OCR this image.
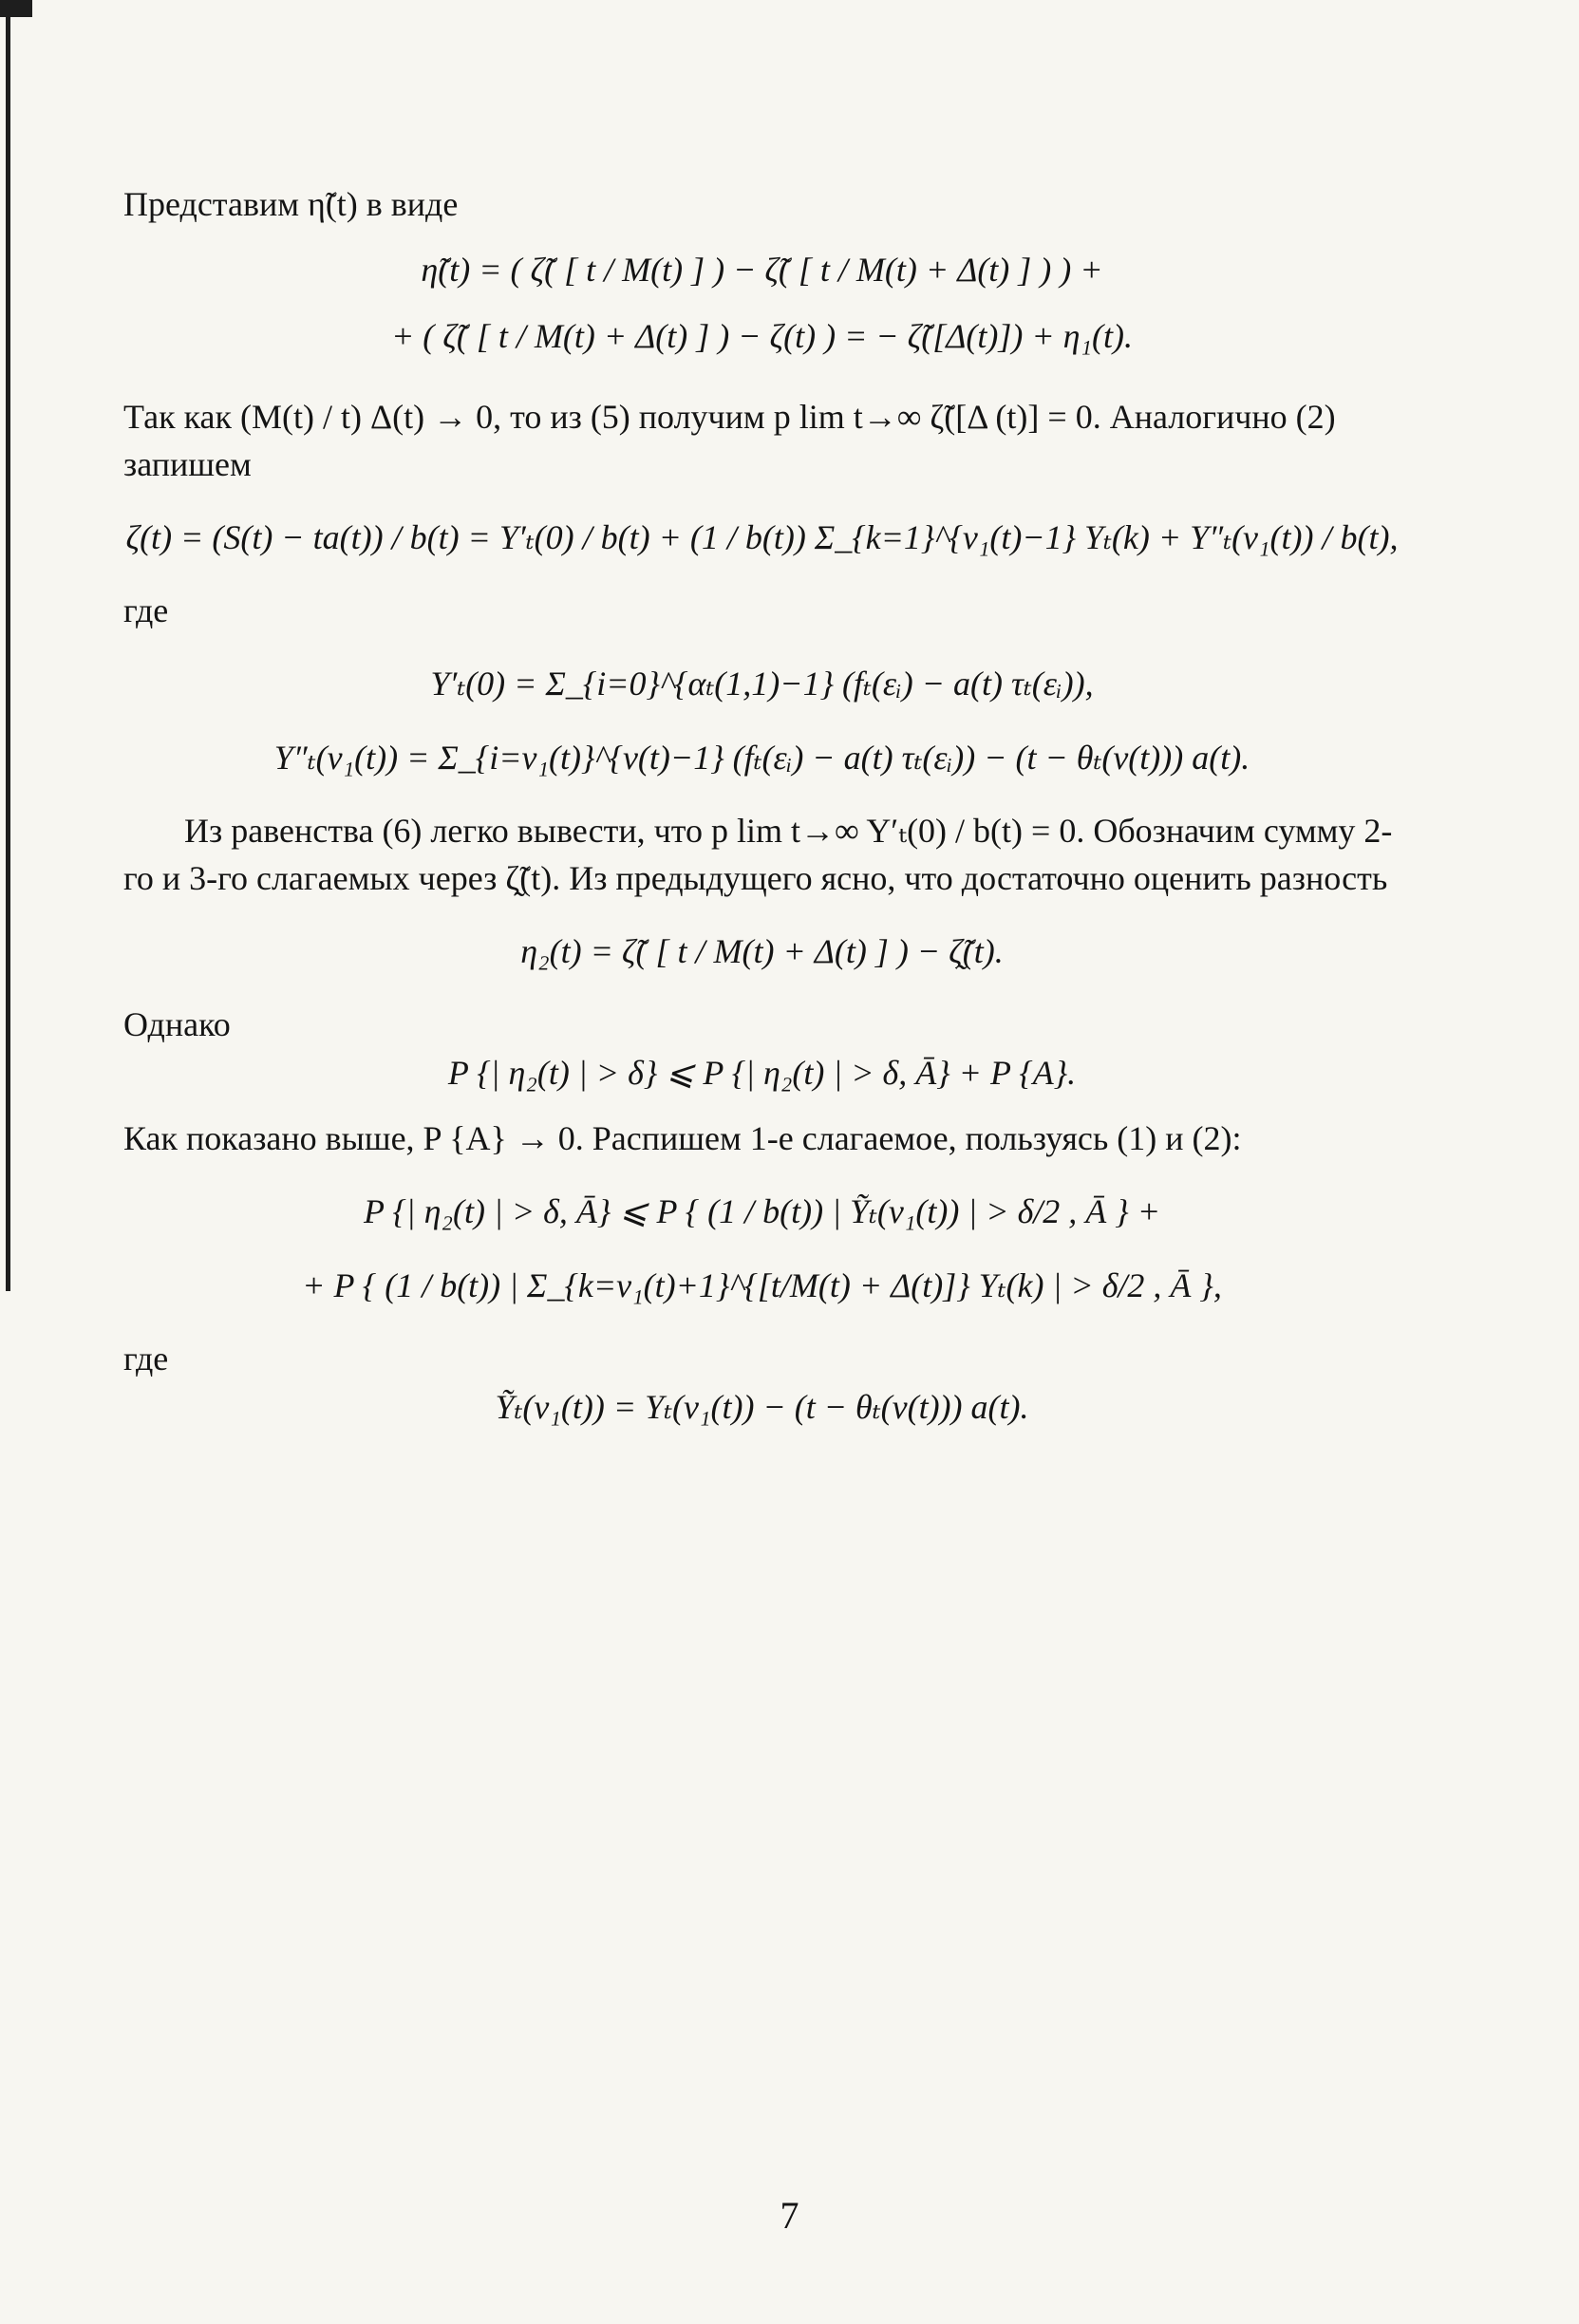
Представим η̃(t) в виде

η̃(t) = ( ζ̃( [ t / M(t) ] ) − ζ̃( [ t / M(t) + Δ(t) ] ) ) +

+ ( ζ̃( [ t / M(t) + Δ(t) ] ) − ζ(t) ) = − ζ̃([Δ(t)]) + η₁(t).

Так как (M(t) / t) Δ(t) → 0, то из (5) получим p lim t→∞ ζ̃([Δ (t)] = 0. Аналогично (2) запишем

ζ(t) = (S(t) − ta(t)) / b(t) = Y′ₜ(0) / b(t) + (1 / b(t)) Σ_{k=1}^{ν₁(t)−1} Yₜ(k) + Y″ₜ(ν₁(t)) / b(t),

где

Y′ₜ(0) = Σ_{i=0}^{αₜ(1,1)−1} (fₜ(εᵢ) − a(t) τₜ(εᵢ)),

Y″ₜ(ν₁(t)) = Σ_{i=ν₁(t)}^{ν(t)−1} (fₜ(εᵢ) − a(t) τₜ(εᵢ)) − (t − θₜ(ν(t))) a(t).

Из равенства (6) легко вывести, что p lim t→∞ Y′ₜ(0) / b(t) = 0. Обозначим сумму 2-го и 3-го слагаемых через ζ̰̃(t). Из предыдущего ясно, что достаточно оценить разность

η₂(t) = ζ̃( [ t / M(t) + Δ(t) ] ) − ζ̰̃(t).

Однако

P {| η₂(t) | > δ} ⩽ P {| η₂(t) | > δ, Ā} + P {A}.

Как показано выше, P {A} → 0. Распишем 1-е слагаемое, пользуясь (1) и (2):

P {| η₂(t) | > δ, Ā} ⩽ P { (1 / b(t)) | Ỹₜ(ν₁(t)) | > δ/2 , Ā } +

+ P { (1 / b(t)) | Σ_{k=ν₁(t)+1}^{[t/M(t) + Δ(t)]} Yₜ(k) | > δ/2 , Ā },

где

Ỹₜ(ν₁(t)) = Yₜ(ν₁(t)) − (t − θₜ(ν(t))) a(t).

7
